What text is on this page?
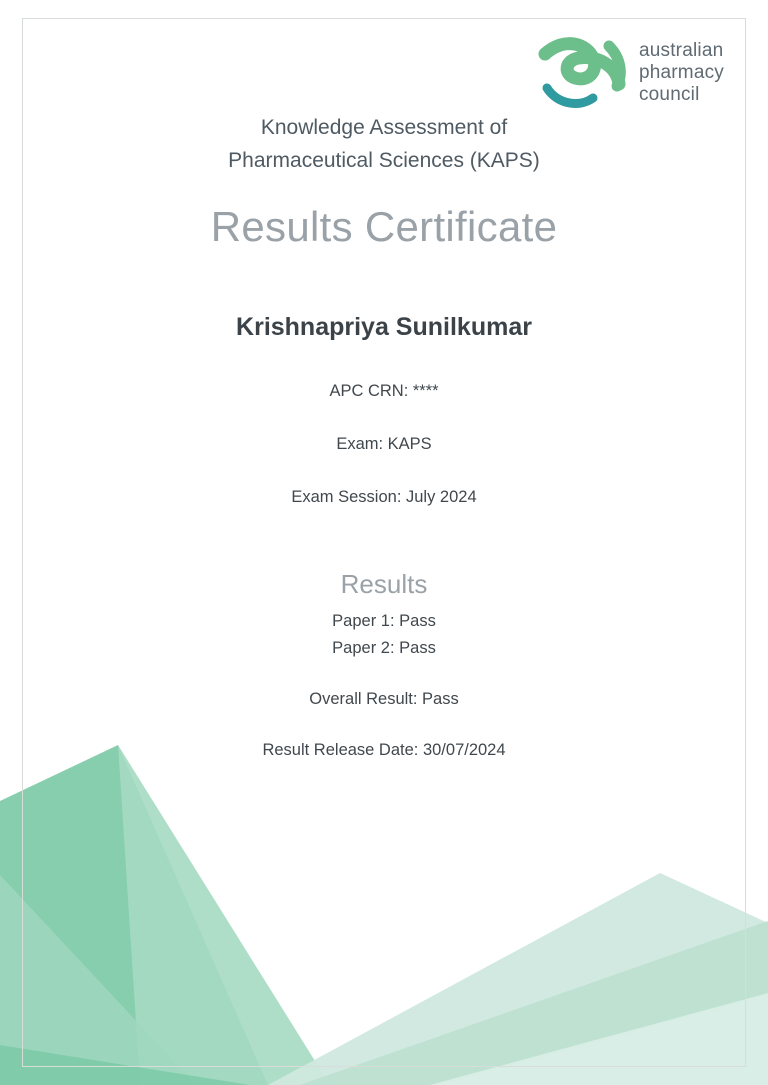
australian
pharmacy
council
Knowledge Assessment of
Pharmaceutical Sciences (KAPS)
Results Certificate
Krishnapriya Sunilkumar
APC CRN: ****
Exam: KAPS
Exam Session: July 2024
Results
Paper 1: Pass
Paper 2: Pass
Overall Result: Pass
Result Release Date: 30/07/2024
